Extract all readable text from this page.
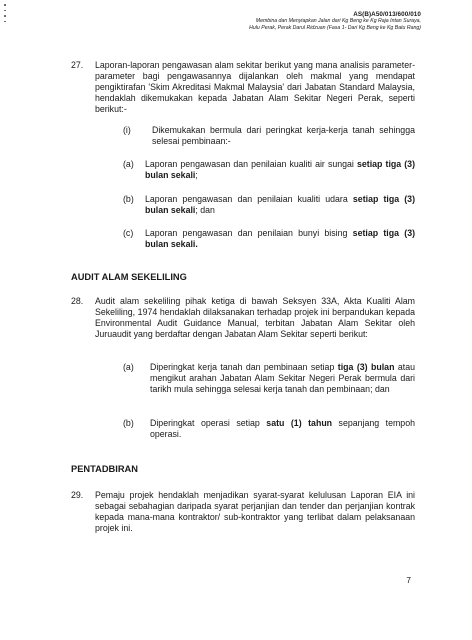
AS(B)A50/013/600/010
Membina dan Menyiapkan Jalan dari Kg Beng ke Kg Raja Intan Suraya,
Hulu Perak, Perak Darul Ridzuan (Fasa 1- Dari Kg Beng ke Kg Batu Rang)
27. Laporan-laporan pengawasan alam sekitar berikut yang mana analisis parameter-parameter bagi pengawasannya dijalankan oleh makmal yang mendapat pengiktirafan 'Skim Akreditasi Makmal Malaysia' dari Jabatan Standard Malaysia, hendaklah dikemukakan kepada Jabatan Alam Sekitar Negeri Perak, seperti berikut:-
(i) Dikemukakan bermula dari peringkat kerja-kerja tanah sehingga selesai pembinaan:-
(a) Laporan pengawasan dan penilaian kualiti air sungai setiap tiga (3) bulan sekali;
(b) Laporan pengawasan dan penilaian kualiti udara setiap tiga (3) bulan sekali; dan
(c) Laporan pengawasan dan penilaian bunyi bising setiap tiga (3) bulan sekali.
AUDIT ALAM SEKELILING
28. Audit alam sekeliling pihak ketiga di bawah Seksyen 33A, Akta Kualiti Alam Sekeliling, 1974 hendaklah dilaksanakan terhadap projek ini berpandukan kepada Environmental Audit Guidance Manual, terbitan Jabatan Alam Sekitar oleh Juruaudit yang berdaftar dengan Jabatan Alam Sekitar seperti berikut:
(a) Diperingkat kerja tanah dan pembinaan setiap tiga (3) bulan atau mengikut arahan Jabatan Alam Sekitar Negeri Perak bermula dari tarikh mula sehingga selesai kerja tanah dan pembinaan; dan
(b) Diperingkat operasi setiap satu (1) tahun sepanjang tempoh operasi.
PENTADBIRAN
29. Pemaju projek hendaklah menjadikan syarat-syarat kelulusan Laporan EIA ini sebagai sebahagian daripada syarat perjanjian dan tender dan perjanjian kontrak kepada mana-mana kontraktor/ sub-kontraktor yang terlibat dalam pelaksanaan projek ini.
7
